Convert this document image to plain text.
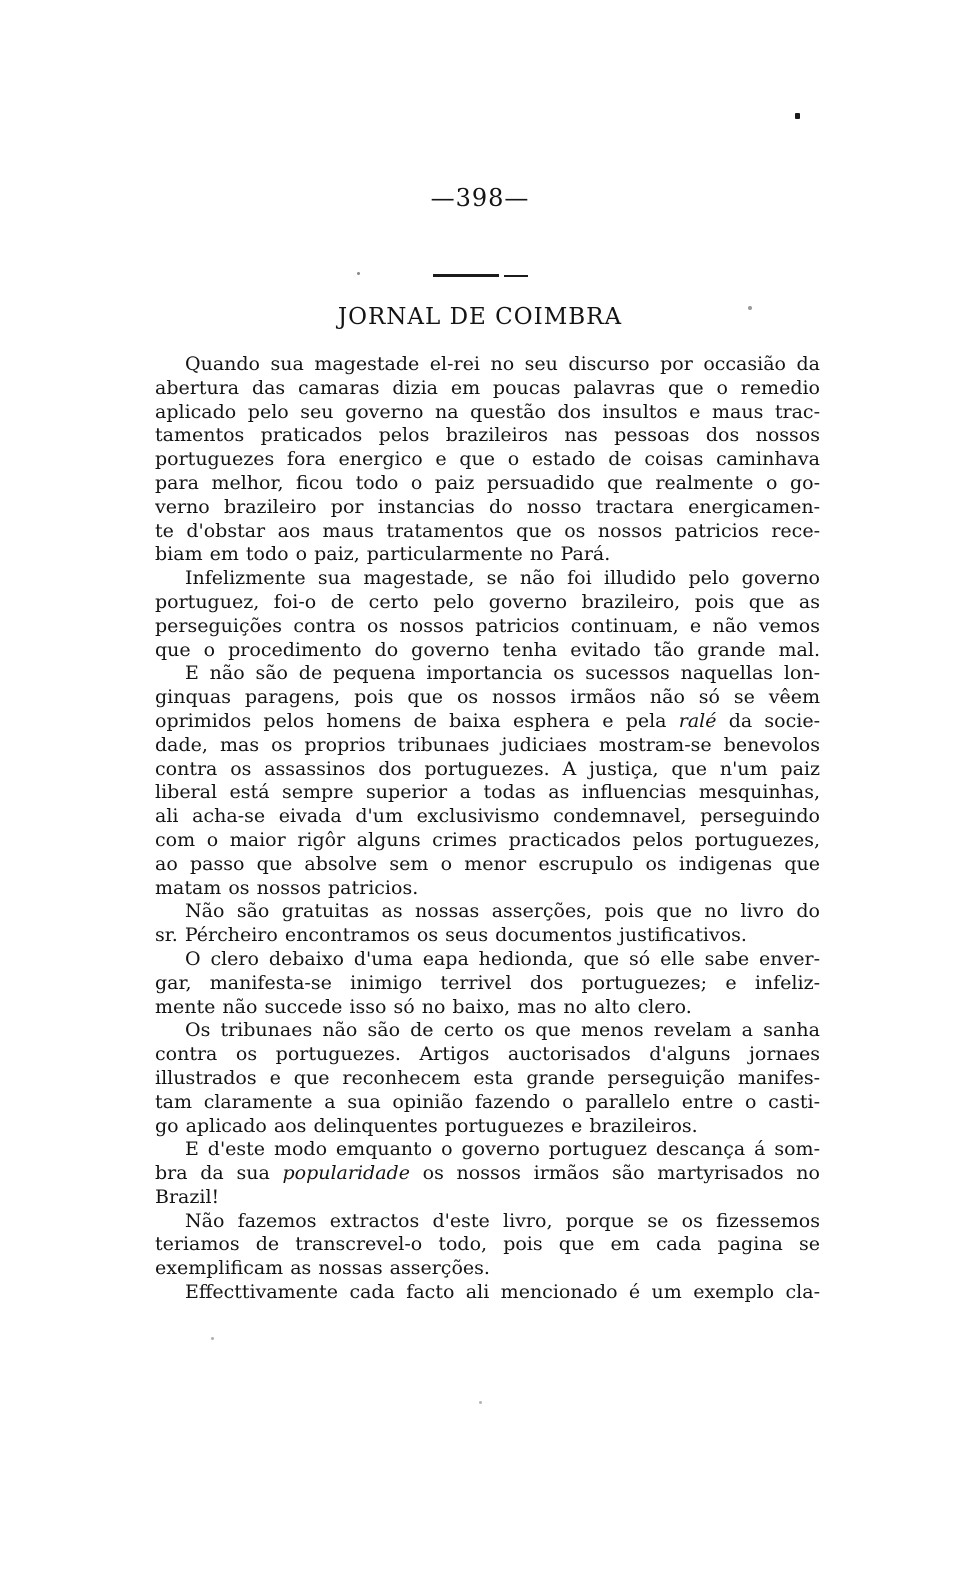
—398—
JORNAL DE COIMBRA
Quando sua magestade el-rei no seu discurso por occasião da
abertura das camaras dizia em poucas palavras que o remedio
aplicado pelo seu governo na questão dos insultos e maus trac-
tamentos praticados pelos brazileiros nas pessoas dos nossos
portuguezes fora energico e que o estado de coisas caminhava
para melhor, ficou todo o paiz persuadido que realmente o go-
verno brazileiro por instancias do nosso tractara energicamen-
te d'obstar aos maus tratamentos que os nossos patricios rece-
biam em todo o paiz, particularmente no Pará.
Infelizmente sua magestade, se não foi illudido pelo governo
portuguez, foi-o de certo pelo governo brazileiro, pois que as
perseguições contra os nossos patricios continuam, e não vemos
que o procedimento do governo tenha evitado tão grande mal.
E não são de pequena importancia os sucessos naquellas lon-
ginquas paragens, pois que os nossos irmãos não só se vêem
oprimidos pelos homens de baixa esphera e pela ralé da socie-
dade, mas os proprios tribunaes judiciaes mostram-se benevolos
contra os assassinos dos portuguezes. A justiça, que n'um paiz
liberal está sempre superior a todas as influencias mesquinhas,
ali acha-se eivada d'um exclusivismo condemnavel, perseguindo
com o maior rigôr alguns crimes practicados pelos portuguezes,
ao passo que absolve sem o menor escrupulo os indigenas que
matam os nossos patricios.
Não são gratuitas as nossas asserções, pois que no livro do
sr. Pércheiro encontramos os seus documentos justificativos.
O clero debaixo d'uma eapa hedionda, que só elle sabe enver-
gar, manifesta-se inimigo terrivel dos portuguezes; e infeliz-
mente não succede isso só no baixo, mas no alto clero.
Os tribunaes não são de certo os que menos revelam a sanha
contra os portuguezes. Artigos auctorisados d'alguns jornaes
illustrados e que reconhecem esta grande perseguição manifes-
tam claramente a sua opinião fazendo o parallelo entre o casti-
go aplicado aos delinquentes portuguezes e brazileiros.
E d'este modo emquanto o governo portuguez descança á som-
bra da sua popularidade os nossos irmãos são martyrisados no
Brazil!
Não fazemos extractos d'este livro, porque se os fizessemos
teriamos de transcrevel-o todo, pois que em cada pagina se
exemplificam as nossas asserções.
Effecttivamente cada facto ali mencionado é um exemplo cla-
